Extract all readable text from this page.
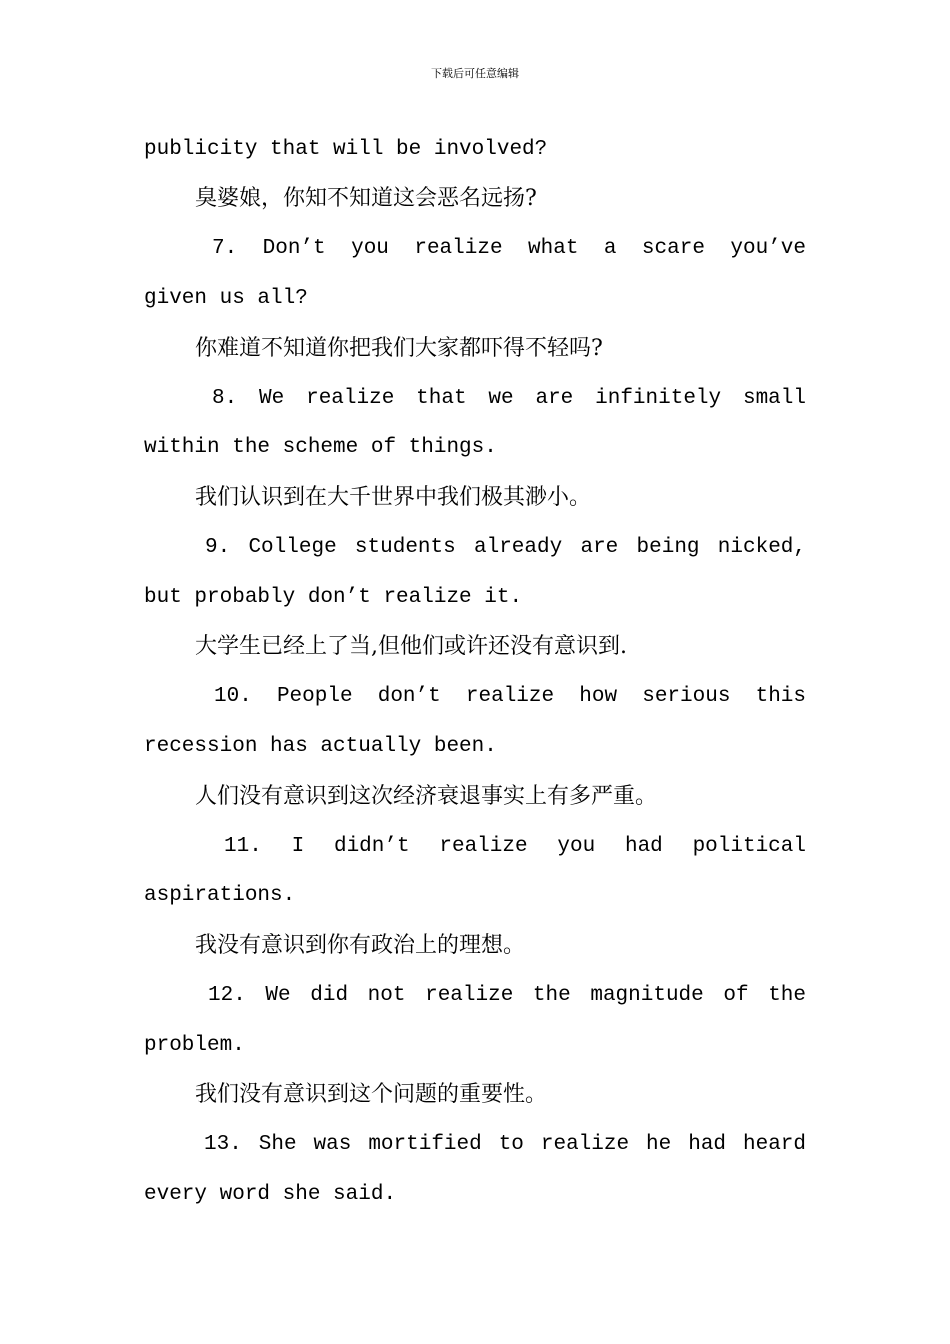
下载后可任意编辑
publicity that will be involved?
臭婆娘，你知不知道这会恶名远扬?
7. Don’t you realize what a scare you’ve
given us all?
你难道不知道你把我们大家都吓得不轻吗?
8. We realize that we are infinitely small
within the scheme of things.
我们认识到在大千世界中我们极其渺小。
9. College students already are being nicked,
but probably don’t realize it.
大学生已经上了当,但他们或许还没有意识到.
10. People don’t realize how serious this
recession has actually been.
人们没有意识到这次经济衰退事实上有多严重。
11. I didn’t realize you had political
aspirations.
我没有意识到你有政治上的理想。
12. We did not realize the magnitude of the
problem.
我们没有意识到这个问题的重要性。
13. She was mortified to realize he had heard
every word she said.
